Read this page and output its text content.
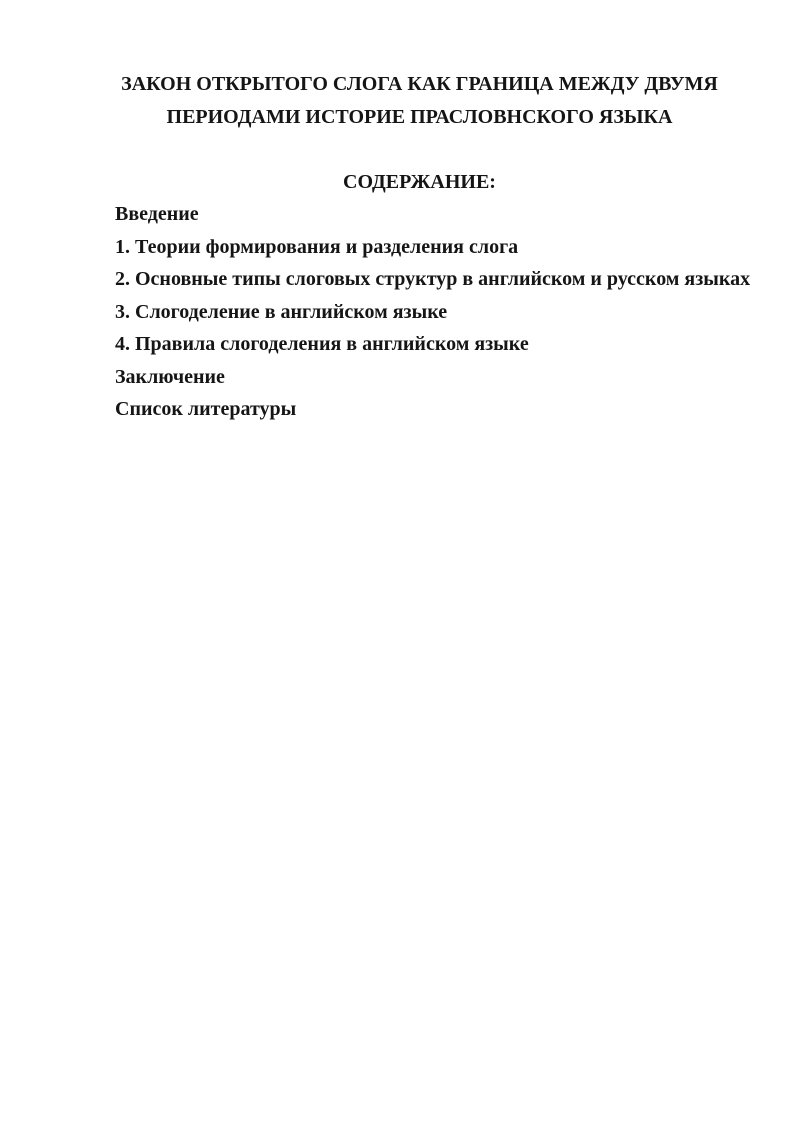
ЗАКОН ОТКРЫТОГО СЛОГА КАК ГРАНИЦА МЕЖДУ ДВУМЯ
ПЕРИОДАМИ ИСТОРИЕ ПРАСЛОВНСКОГО ЯЗЫКА
СОДЕРЖАНИЕ:
Введение
1. Теории формирования и разделения слога
2. Основные типы слоговых структур в английском и русском языках
3. Слогоделение в английском языке
4. Правила слогоделения в английском языке
Заключение
Список литературы
